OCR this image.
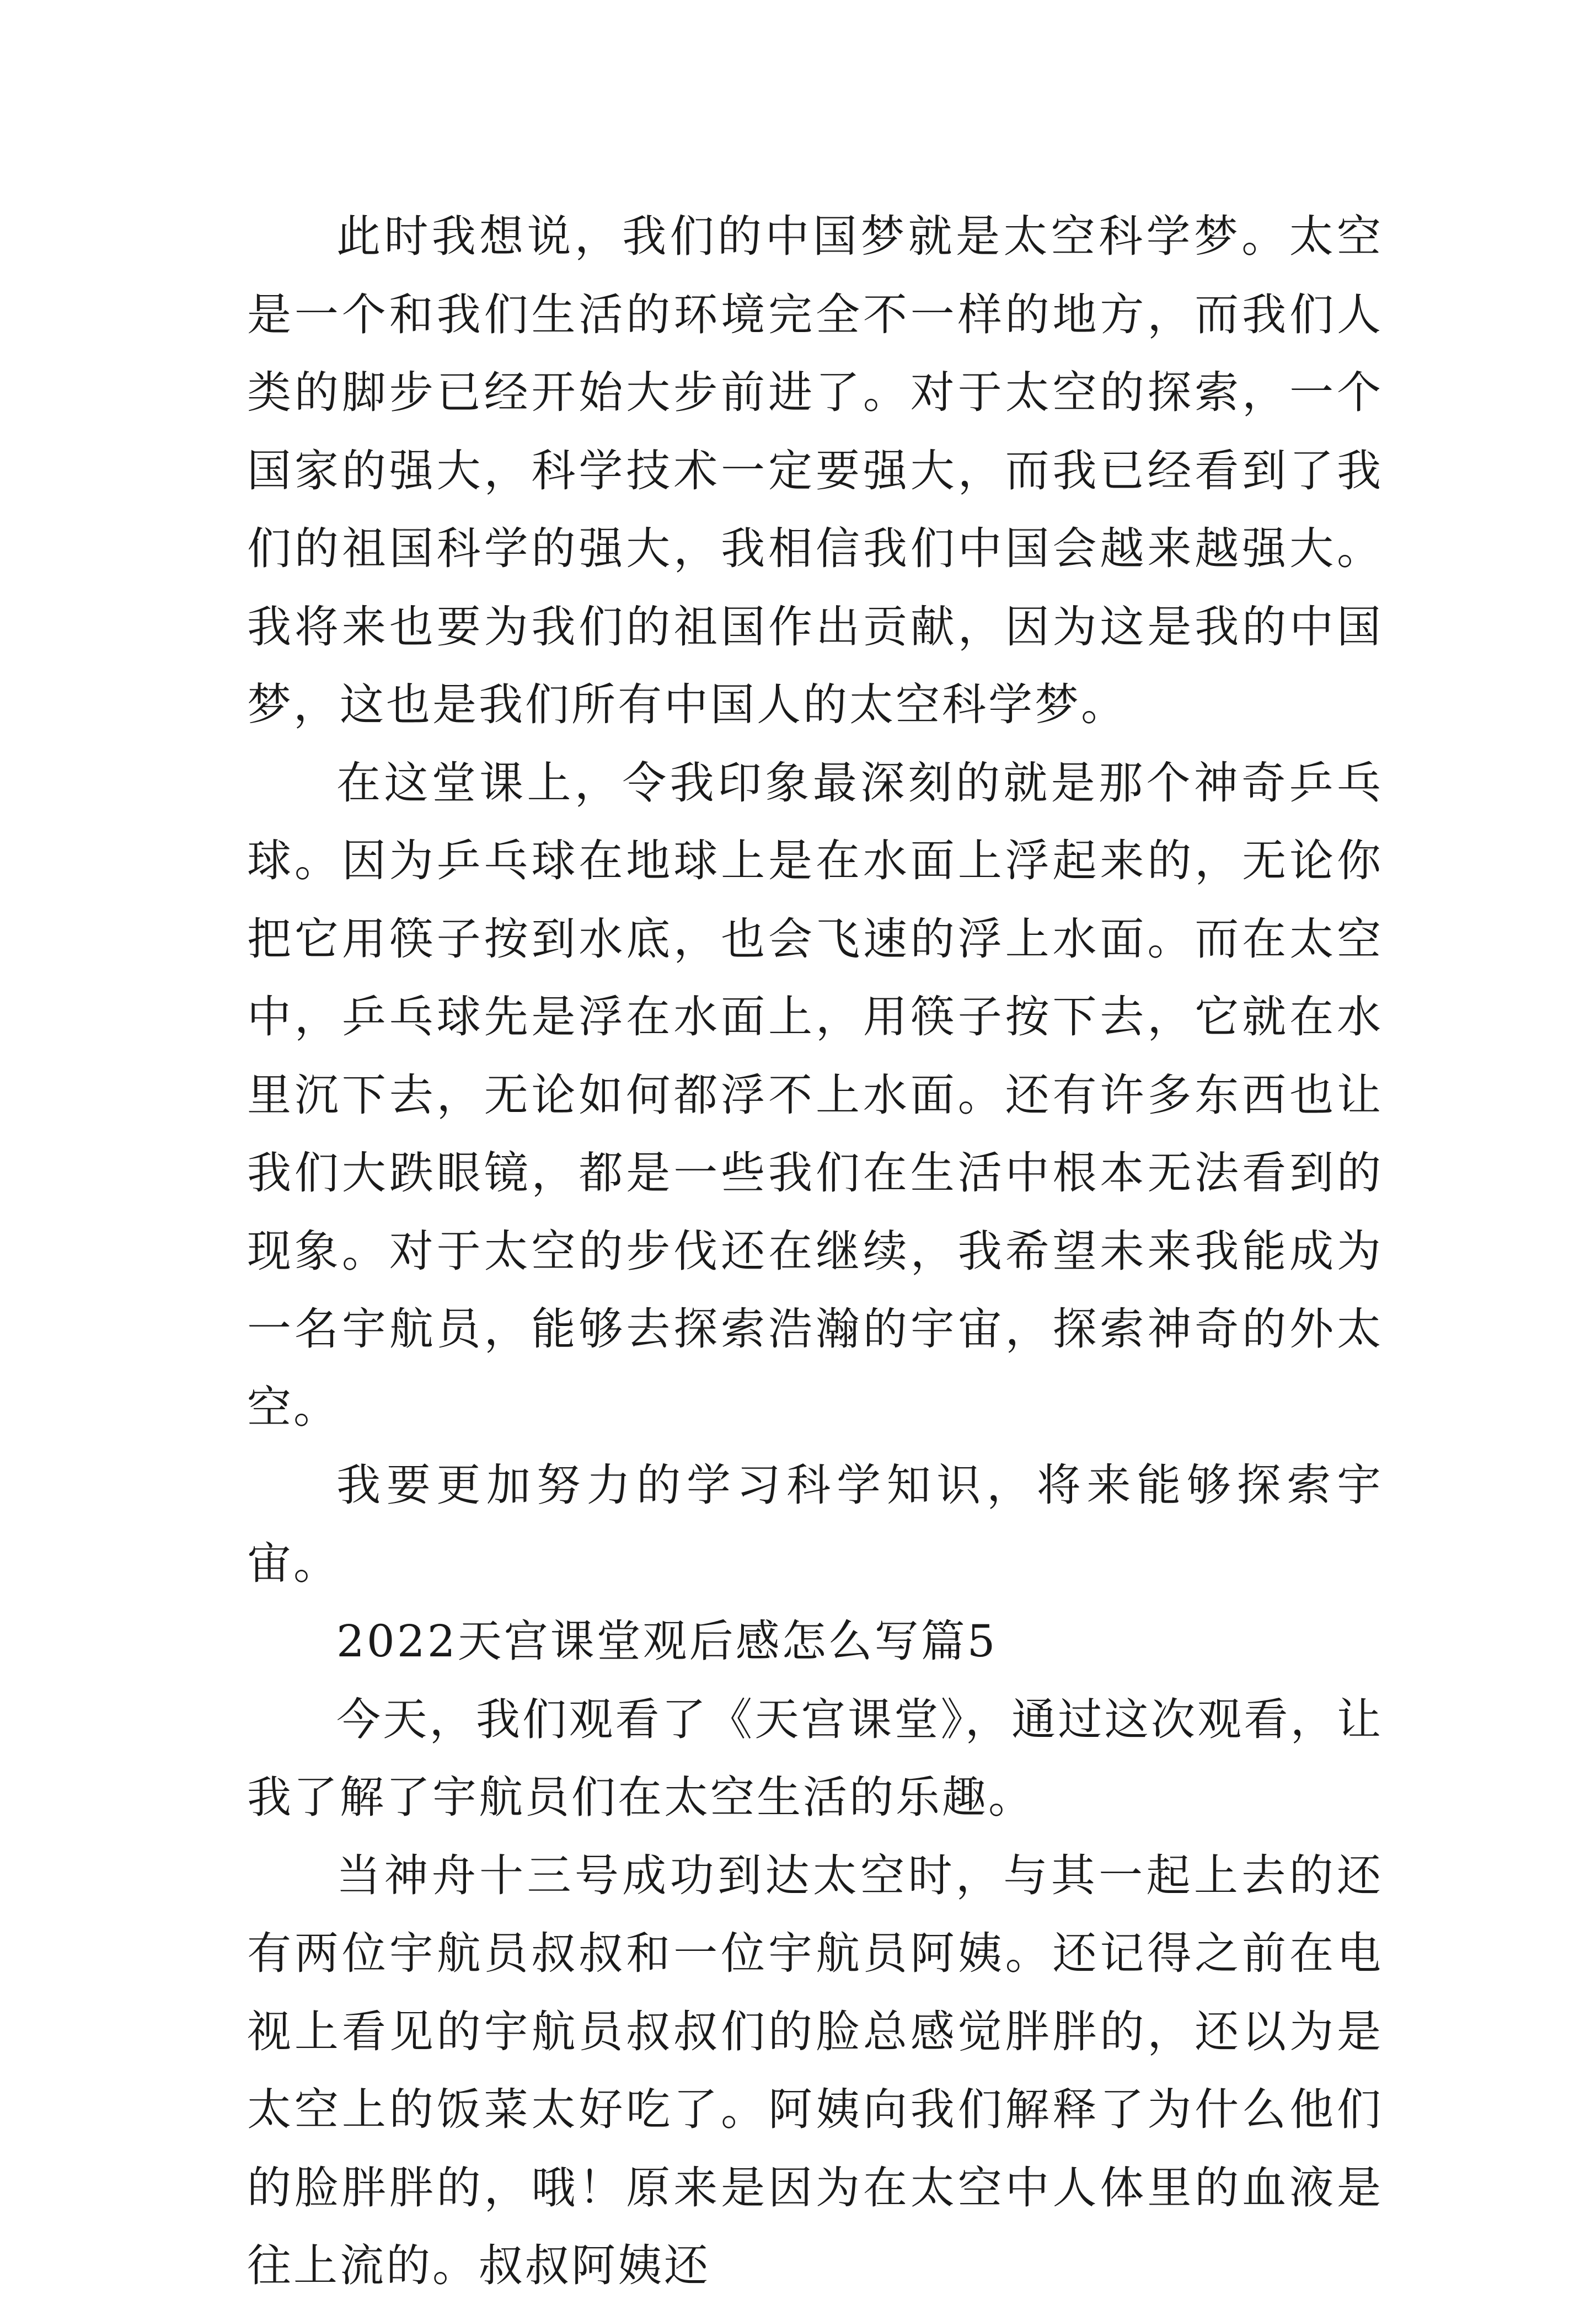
此时我想说，我们的中国梦就是太空科学梦。太空是一个和我们生活的环境完全不一样的地方，而我们人类的脚步已经开始大步前进了。对于太空的探索，一个国家的强大，科学技术一定要强大，而我已经看到了我们的祖国科学的强大，我相信我们中国会越来越强大。我将来也要为我们的祖国作出贡献，因为这是我的中国梦，这也是我们所有中国人的太空科学梦。

在这堂课上，令我印象最深刻的就是那个神奇乒乓球。因为乒乓球在地球上是在水面上浮起来的，无论你把它用筷子按到水底，也会飞速的浮上水面。而在太空中，乒乓球先是浮在水面上，用筷子按下去，它就在水里沉下去，无论如何都浮不上水面。还有许多东西也让我们大跌眼镜，都是一些我们在生活中根本无法看到的现象。对于太空的步伐还在继续，我希望未来我能成为一名宇航员，能够去探索浩瀚的宇宙，探索神奇的外太空。

我要更加努力的学习科学知识，将来能够探索宇宙。

2022天宫课堂观后感怎么写篇5

今天，我们观看了《天宫课堂》，通过这次观看，让我了解了宇航员们在太空生活的乐趣。

当神舟十三号成功到达太空时，与其一起上去的还有两位宇航员叔叔和一位宇航员阿姨。还记得之前在电视上看见的宇航员叔叔们的脸总感觉胖胖的，还以为是太空上的饭菜太好吃了。阿姨向我们解释了为什么他们的脸胖胖的，哦！原来是因为在太空中人体里的血液是往上流的。叔叔阿姨还
